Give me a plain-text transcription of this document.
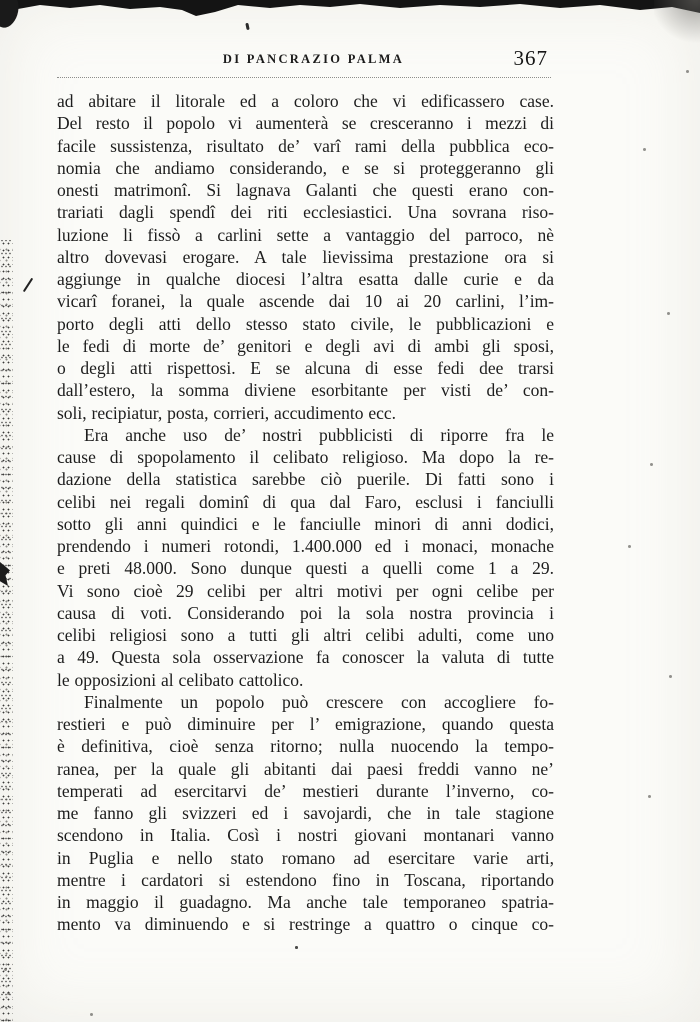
DI PANCRAZIO PALMA	367
ad abitare il litorale ed a coloro che vi edificassero case.
Del resto il popolo vi aumenterà se cresceranno i mezzi di
facile sussistenza, risultato de’ varî rami della pubblica eco-
nomia che andiamo considerando, e se si proteggeranno gli
onesti matrimonî. Si lagnava Galanti che questi erano con-
trariati dagli spendî dei riti ecclesiastici. Una sovrana riso-
luzione li fissò a carlini sette a vantaggio del parroco, nè
altro dovevasi erogare. A tale lievissima prestazione ora si
aggiunge in qualche diocesi l’altra esatta dalle curie e da
vicarî foranei, la quale ascende dai 10 ai 20 carlini, l’im-
porto degli atti dello stesso stato civile, le pubblicazioni e
le fedi di morte de’ genitori e degli avi di ambi gli sposi,
o degli atti rispettosi. E se alcuna di esse fedi dee trarsi
dall’estero, la somma diviene esorbitante per visti de’ con-
soli, recipiatur, posta, corrieri, accudimento ecc.
Era anche uso de’ nostri pubblicisti di riporre fra le
cause di spopolamento il celibato religioso. Ma dopo la re-
dazione della statistica sarebbe ciò puerile. Di fatti sono i
celibi nei regali dominî di qua dal Faro, esclusi i fanciulli
sotto gli anni quindici e le fanciulle minori di anni dodici,
prendendo i numeri rotondi, 1.400.000 ed i monaci, monache
e preti 48.000. Sono dunque questi a quelli come 1 a 29.
Vi sono cioè 29 celibi per altri motivi per ogni celibe per
causa di voti. Considerando poi la sola nostra provincia i
celibi religiosi sono a tutti gli altri celibi adulti, come uno
a 49. Questa sola osservazione fa conoscer la valuta di tutte
le opposizioni al celibato cattolico.
Finalmente un popolo può crescere con accogliere fo-
restieri e può diminuire per l’ emigrazione, quando questa
è definitiva, cioè senza ritorno; nulla nuocendo la tempo-
ranea, per la quale gli abitanti dai paesi freddi vanno ne’
temperati ad esercitarvi de’ mestieri durante l’inverno, co-
me fanno gli svizzeri ed i savojardi, che in tale stagione
scendono in Italia. Così i nostri giovani montanari vanno
in Puglia e nello stato romano ad esercitare varie arti,
mentre i cardatori si estendono fino in Toscana, riportando
in maggio il guadagno. Ma anche tale temporaneo spatria-
mento va diminuendo e si restringe a quattro o cinque co-
